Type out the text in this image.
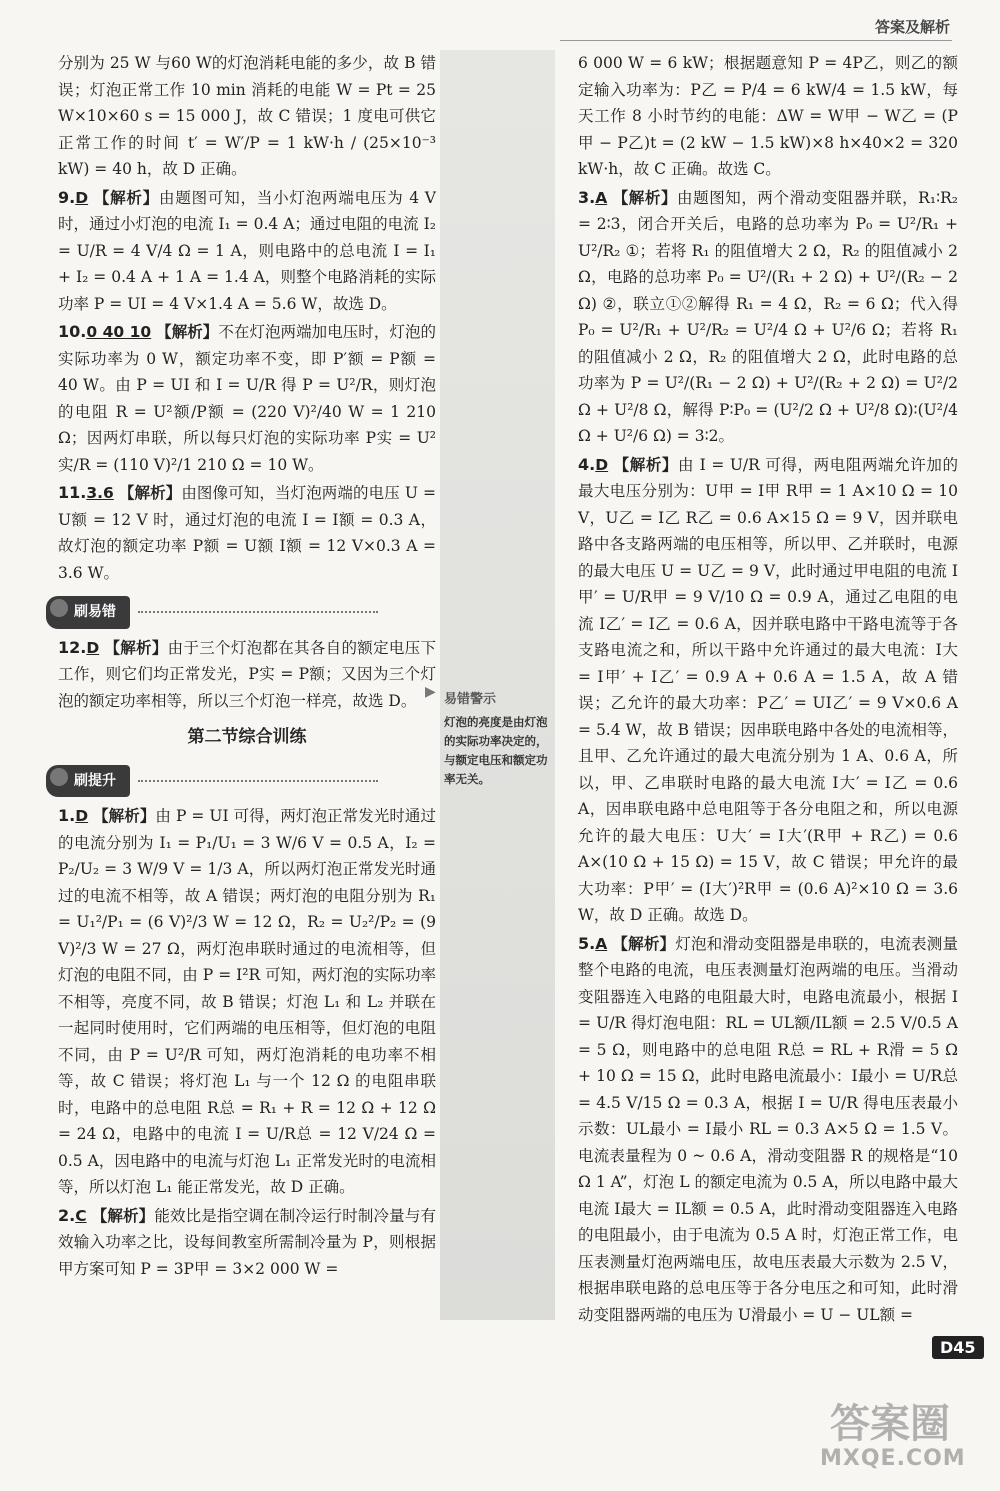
答案及解析

分别为 25 W 与60 W的灯泡消耗电能的多少，故 B 错误；灯泡正常工作 10 min 消耗的电能 W = Pt = 25 W×10×60 s = 15 000 J，故 C 错误；1 度电可供它正常工作的时间 t′ = W′/P = 1 kW·h / (25×10⁻³ kW) = 40 h，故 D 正确。

9.D 【解析】由题图可知，当小灯泡两端电压为 4 V 时，通过小灯泡的电流 I₁ = 0.4 A；通过电阻的电流 I₂ = U/R = 4 V/4 Ω = 1 A，则电路中的总电流 I = I₁ + I₂ = 0.4 A + 1 A = 1.4 A，则整个电路消耗的实际功率 P = UI = 4 V×1.4 A = 5.6 W，故选 D。

10.0 40 10 【解析】不在灯泡两端加电压时，灯泡的实际功率为 0 W，额定功率不变，即 P′额 = P额 = 40 W。由 P = UI 和 I = U/R 得 P = U²/R，则灯泡的电阻 R = U²额/P额 = (220 V)²/40 W = 1 210 Ω；因两灯串联，所以每只灯泡的实际功率 P实 = U²实/R = (110 V)²/1 210 Ω = 10 W。

11.3.6 【解析】由图像可知，当灯泡两端的电压 U = U额 = 12 V 时，通过灯泡的电流 I = I额 = 0.3 A，故灯泡的额定功率 P额 = U额 I额 = 12 V×0.3 A = 3.6 W。

刷易错

12.D 【解析】由于三个灯泡都在其各自的额定电压下工作，则它们均正常发光，P实 = P额；又因为三个灯泡的额定功率相等，所以三个灯泡一样亮，故选 D。

第二节综合训练
刷提升

1.D 【解析】由 P = UI 可得，两灯泡正常发光时通过的电流分别为 I₁ = P₁/U₁ = 3 W/6 V = 0.5 A，I₂ = P₂/U₂ = 3 W/9 V = 1/3 A，所以两灯泡正常发光时通过的电流不相等，故 A 错误；两灯泡的电阻分别为 R₁ = U₁²/P₁ = (6 V)²/3 W = 12 Ω，R₂ = U₂²/P₂ = (9 V)²/3 W = 27 Ω，两灯泡串联时通过的电流相等，但灯泡的电阻不同，由 P = I²R 可知，两灯泡的实际功率不相等，亮度不同，故 B 错误；灯泡 L₁ 和 L₂ 并联在一起同时使用时，它们两端的电压相等，但灯泡的电阻不同，由 P = U²/R 可知，两灯泡消耗的电功率不相等，故 C 错误；将灯泡 L₁ 与一个 12 Ω 的电阻串联时，电路中的总电阻 R总 = R₁ + R = 12 Ω + 12 Ω = 24 Ω，电路中的电流 I = U/R总 = 12 V/24 Ω = 0.5 A，因电路中的电流与灯泡 L₁ 正常发光时的电流相等，所以灯泡 L₁ 能正常发光，故 D 正确。

2.C 【解析】能效比是指空调在制冷运行时制冷量与有效输入功率之比，设每间教室所需制冷量为 P，则根据甲方案可知 P = 3P甲 = 3×2 000 W =

▶ 易错警示
灯泡的亮度是由灯泡的实际功率决定的，与额定电压和额定功率无关。

6 000 W = 6 kW；根据题意知 P = 4P乙，则乙的额定输入功率为：P乙 = P/4 = 6 kW/4 = 1.5 kW，每天工作 8 小时节约的电能：ΔW = W甲 − W乙 = (P甲 − P乙)t = (2 kW − 1.5 kW)×8 h×40×2 = 320 kW·h，故 C 正确。故选 C。

3.A 【解析】由题图知，两个滑动变阻器并联，R₁∶R₂ = 2∶3，闭合开关后，电路的总功率为 P₀ = U²/R₁ + U²/R₂ ①；若将 R₁ 的阻值增大 2 Ω，R₂ 的阻值减小 2 Ω，电路的总功率 P₀ = U²/(R₁ + 2 Ω) + U²/(R₂ − 2 Ω) ②，联立①②解得 R₁ = 4 Ω，R₂ = 6 Ω；代入得 P₀ = U²/R₁ + U²/R₂ = U²/4 Ω + U²/6 Ω；若将 R₁ 的阻值减小 2 Ω，R₂ 的阻值增大 2 Ω，此时电路的总功率为 P = U²/(R₁ − 2 Ω) + U²/(R₂ + 2 Ω) = U²/2 Ω + U²/8 Ω，解得 P∶P₀ = (U²/2 Ω + U²/8 Ω)∶(U²/4 Ω + U²/6 Ω) = 3∶2。

4.D 【解析】由 I = U/R 可得，两电阻两端允许加的最大电压分别为：U甲 = I甲 R甲 = 1 A×10 Ω = 10 V，U乙 = I乙 R乙 = 0.6 A×15 Ω = 9 V，因并联电路中各支路两端的电压相等，所以甲、乙并联时，电源的最大电压 U = U乙 = 9 V，此时通过甲电阻的电流 I甲′ = U/R甲 = 9 V/10 Ω = 0.9 A，通过乙电阻的电流 I乙′ = I乙 = 0.6 A，因并联电路中干路电流等于各支路电流之和，所以干路中允许通过的最大电流：I大 = I甲′ + I乙′ = 0.9 A + 0.6 A = 1.5 A，故 A 错误；乙允许的最大功率：P乙′ = UI乙′ = 9 V×0.6 A = 5.4 W，故 B 错误；因串联电路中各处的电流相等，且甲、乙允许通过的最大电流分别为 1 A、0.6 A，所以，甲、乙串联时电路的最大电流 I大′ = I乙 = 0.6 A，因串联电路中总电阻等于各分电阻之和，所以电源允许的最大电压：U大′ = I大′(R甲 + R乙) = 0.6 A×(10 Ω + 15 Ω) = 15 V，故 C 错误；甲允许的最大功率：P甲′ = (I大′)²R甲 = (0.6 A)²×10 Ω = 3.6 W，故 D 正确。故选 D。

5.A 【解析】灯泡和滑动变阻器是串联的，电流表测量整个电路的电流，电压表测量灯泡两端的电压。当滑动变阻器连入电路的电阻最大时，电路电流最小，根据 I = U/R 得灯泡电阻：RL = UL额/IL额 = 2.5 V/0.5 A = 5 Ω，则电路中的总电阻 R总 = RL + R滑 = 5 Ω + 10 Ω = 15 Ω，此时电路电流最小：I最小 = U/R总 = 4.5 V/15 Ω = 0.3 A，根据 I = U/R 得电压表最小示数：UL最小 = I最小 RL = 0.3 A×5 Ω = 1.5 V。电流表量程为 0 ~ 0.6 A，滑动变阻器 R 的规格是“10 Ω 1 A”，灯泡 L 的额定电流为 0.5 A，所以电路中最大电流 I最大 = IL额 = 0.5 A，此时滑动变阻器连入电路的电阻最小，由于电流为 0.5 A 时，灯泡正常工作，电压表测量灯泡两端电压，故电压表最大示数为 2.5 V，根据串联电路的总电压等于各分电压之和可知，此时滑动变阻器两端的电压为 U滑最小 = U − UL额 =

D45
答案圈
MXQE.COM
